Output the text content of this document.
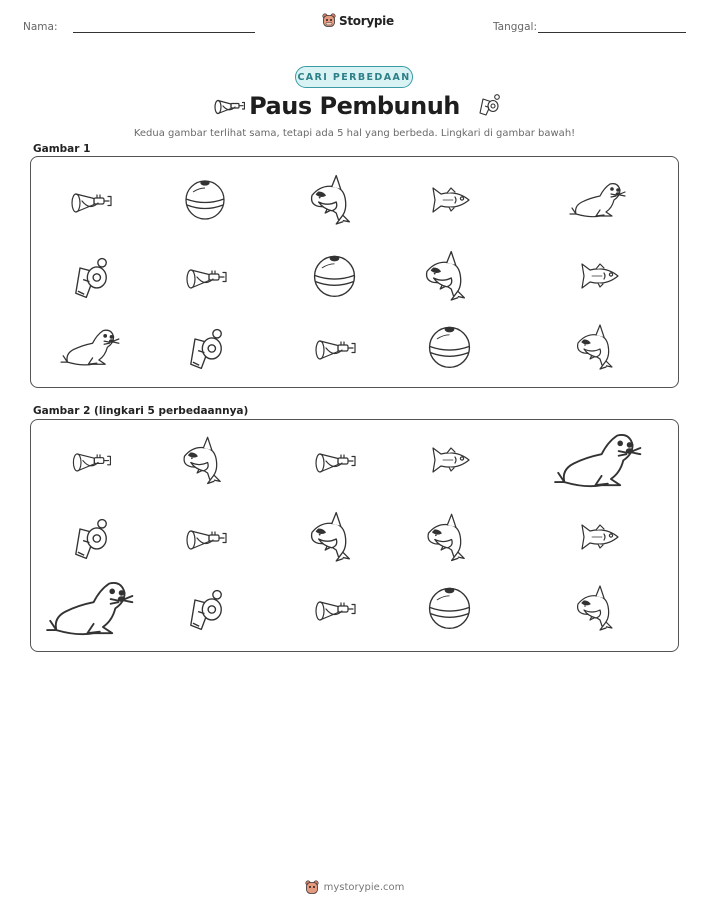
Nama:	Storypie	Tanggal:
CARI PERBEDAAN
Paus Pembunuh
Kedua gambar terlihat sama, tetapi ada 5 hal yang berbeda. Lingkari di gambar bawah!
Gambar 1
Gambar 2 (lingkari 5 perbedaannya)
mystorypie.com
